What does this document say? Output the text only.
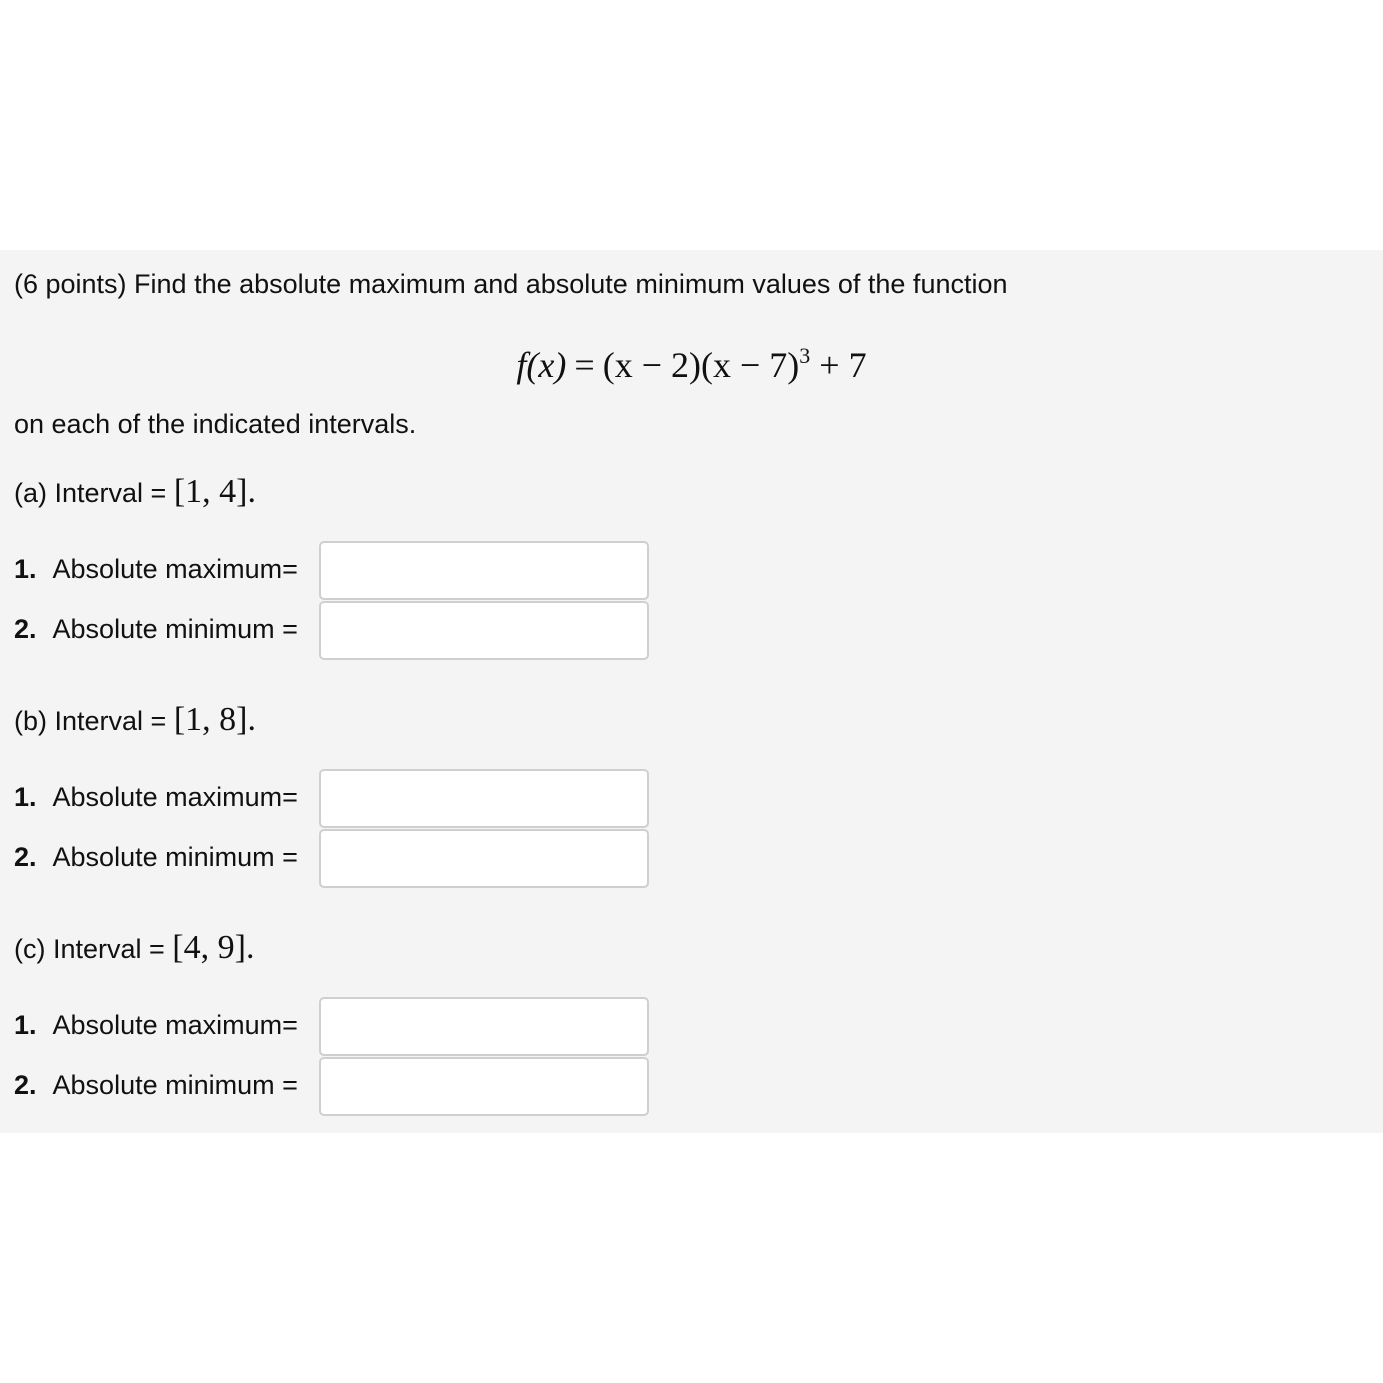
(6 points) Find the absolute maximum and absolute minimum values of the function
$f(x) = (x - 2)(x - 7)^3 + 7$
on each of the indicated intervals.
(a) Interval = [1, 4].
1. Absolute maximum=
2. Absolute minimum =
(b) Interval = [1, 8].
1. Absolute maximum=
2. Absolute minimum =
(c) Interval = [4, 9].
1. Absolute maximum=
2. Absolute minimum =
